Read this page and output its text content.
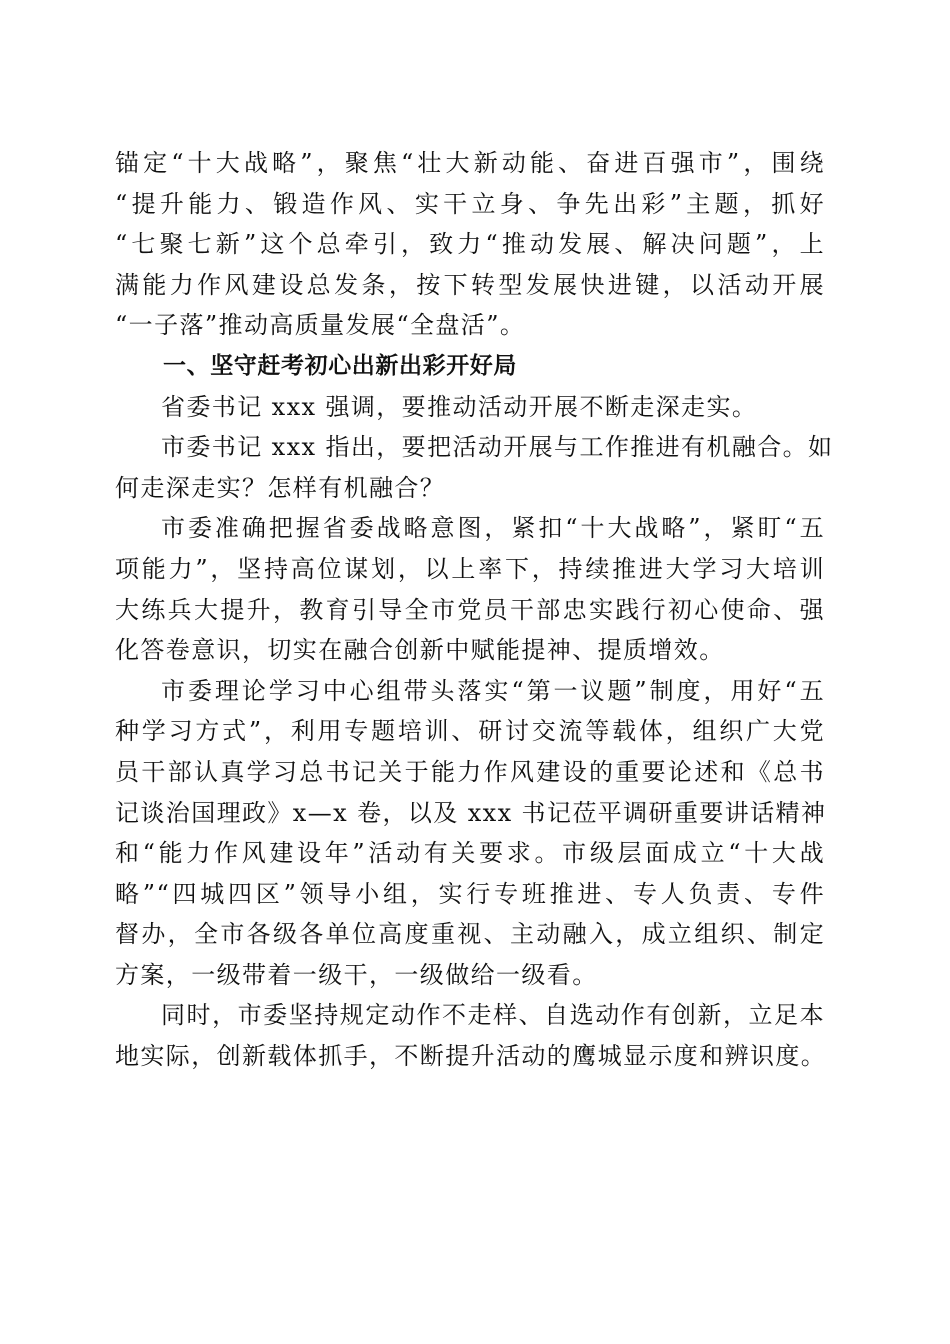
锚定“十大战略”，聚焦“壮大新动能、奋进百强市”，围绕
“提升能力、锻造作风、实干立身、争先出彩”主题，抓好
“七聚七新”这个总牵引，致力“推动发展、解决问题”，上
满能力作风建设总发条，按下转型发展快进键，以活动开展
“一子落”推动高质量发展“全盘活”。
一、坚守赶考初心出新出彩开好局
省委书记 xxx 强调，要推动活动开展不断走深走实。
市委书记 xxx 指出，要把活动开展与工作推进有机融合。如
何走深走实？怎样有机融合？
市委准确把握省委战略意图，紧扣“十大战略”，紧盯“五
项能力”，坚持高位谋划，以上率下，持续推进大学习大培训
大练兵大提升，教育引导全市党员干部忠实践行初心使命、强
化答卷意识，切实在融合创新中赋能提神、提质增效。
市委理论学习中心组带头落实“第一议题”制度，用好“五
种学习方式”，利用专题培训、研讨交流等载体，组织广大党
员干部认真学习总书记关于能力作风建设的重要论述和《总书
记谈治国理政》x—x 卷，以及 xxx 书记莅平调研重要讲话精神
和“能力作风建设年”活动有关要求。市级层面成立“十大战
略”“四城四区”领导小组，实行专班推进、专人负责、专件
督办，全市各级各单位高度重视、主动融入，成立组织、制定
方案，一级带着一级干，一级做给一级看。
同时，市委坚持规定动作不走样、自选动作有创新，立足本
地实际，创新载体抓手，不断提升活动的鹰城显示度和辨识度。
